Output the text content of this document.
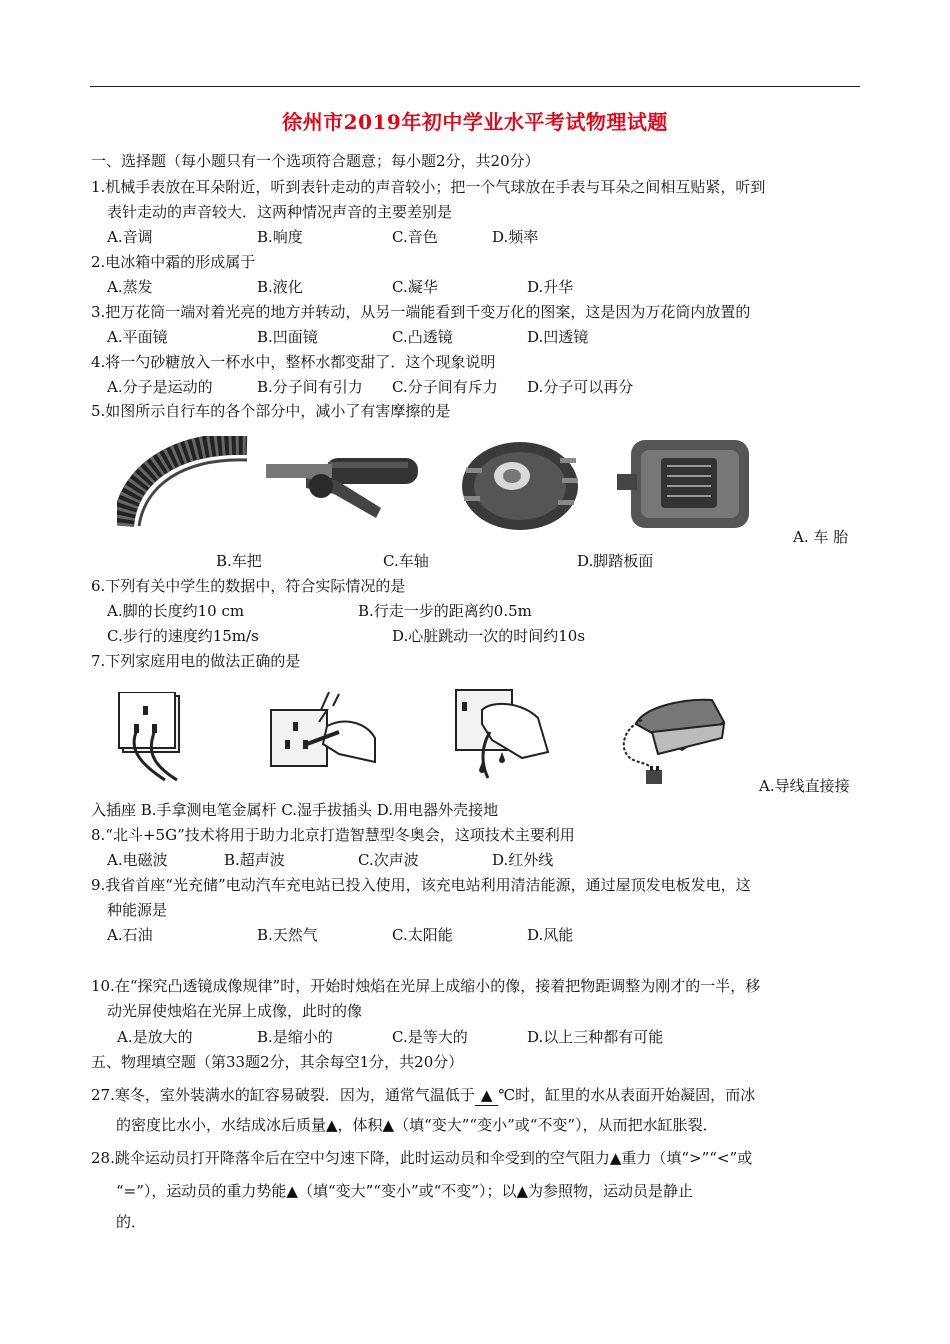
徐州市2019年初中学业水平考试物理试题
一、选择题（每小题只有一个选项符合题意；每小题2分，共20分）
1.机械手表放在耳朵附近，听到表针走动的声音较小；把一个气球放在手表与耳朵之间相互贴紧，听到
表针走动的声音较大．这两种情况声音的主要差别是
A.音调	B.响度	C.音色	D.频率
2.电冰箱中霜的形成属于
A.蒸发	B.液化	C.凝华	D.升华
3.把万花筒一端对着光亮的地方并转动，从另一端能看到千变万化的图案，这是因为万花筒内放置的
A.平面镜	B.凹面镜	C.凸透镜	D.凹透镜
4.将一勺砂糖放入一杯水中，整杯水都变甜了．这个现象说明
A.分子是运动的	B.分子间有引力 C.分子间有斥力 D.分子可以再分
5.如图所示自行车的各个部分中，减小了有害摩擦的是
A. 车 胎
B.车把	C.车轴	D.脚踏板面
6.下列有关中学生的数据中，符合实际情况的是
A.脚的长度约10 cm	B.行走一步的距离约0.5m
C.步行的速度约15m/s	D.心脏跳动一次的时间约10s
7.下列家庭用电的做法正确的是
A.导线直接接
入插座 B.手拿测电笔金属杆 C.湿手拔插头 D.用电器外壳接地
8.“北斗+5G”技术将用于助力北京打造智慧型冬奥会，这项技术主要利用
A.电磁波	B.超声波	C.次声波	D.红外线
9.我省首座“光充储”电动汽车充电站已投入使用，该充电站利用清洁能源，通过屋顶发电板发电，这
种能源是
A.石油	B.天然气	C.太阳能	D.风能
10.在“探究凸透镜成像规律”时，开始时烛焰在光屏上成缩小的像，接着把物距调整为刚才的一半，移
动光屏使烛焰在光屏上成像，此时的像
A.是放大的	B.是缩小的	C.是等大的	D.以上三种都有可能
五、物理填空题（第33题2分，其余每空1分，共20分）
27.寒冬，室外装满水的缸容易破裂．因为，通常气温低于 ▲ ℃时，缸里的水从表面开始凝固，而冰
的密度比水小，水结成冰后质量▲，体积▲（填“变大”“变小”或“不变”），从而把水缸胀裂．
28.跳伞运动员打开降落伞后在空中匀速下降，此时运动员和伞受到的空气阻力▲重力（填“>”“<”或
“=”），运动员的重力势能▲（填“变大”“变小”或“不变”）；以▲为参照物，运动员是静止
的．
